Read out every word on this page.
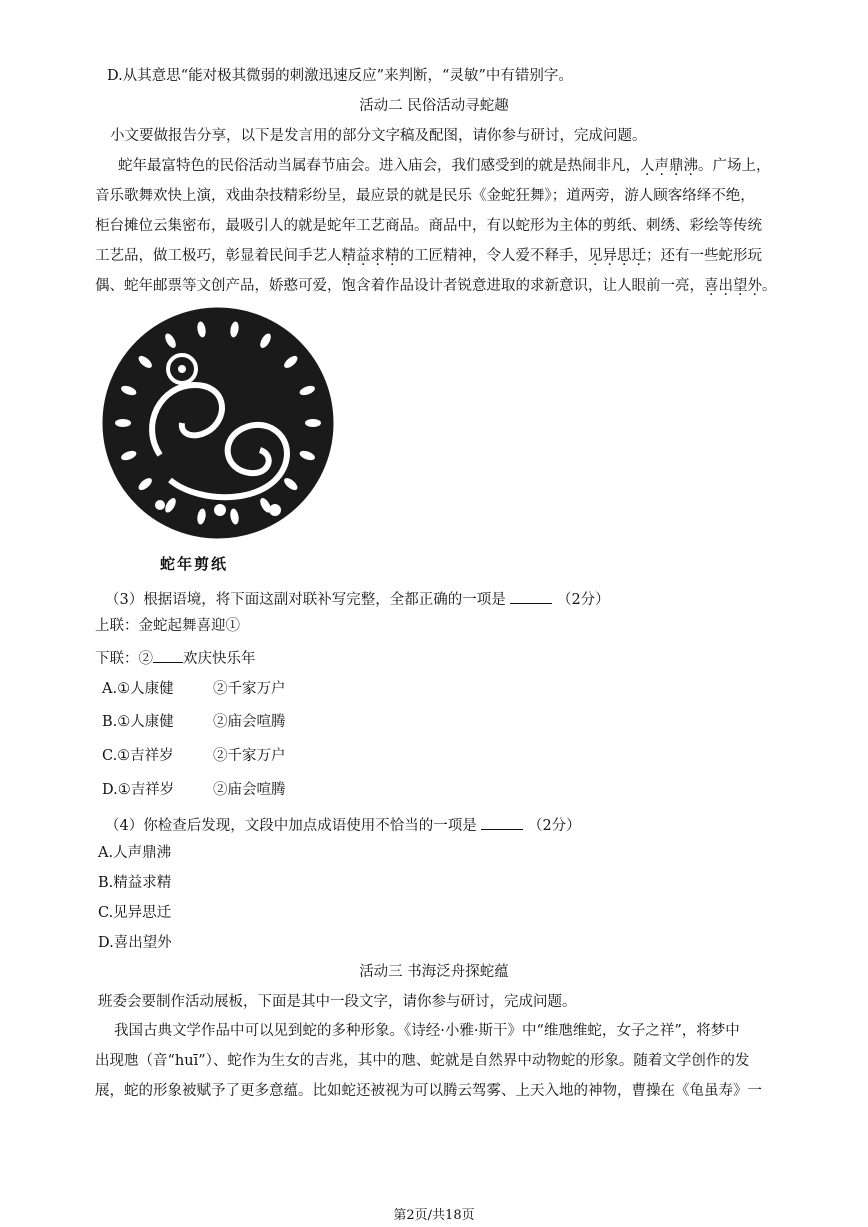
D.从其意思“能对极其微弱的刺激迅速反应”来判断，“灵敏”中有错别字。
活动二 民俗活动寻蛇趣
小文要做报告分享，以下是发言用的部分文字稿及配图，请你参与研讨，完成问题。
蛇年最富特色的民俗活动当属春节庙会。进入庙会，我们感受到的就是热闹非凡，人声鼎沸。广场上，
音乐歌舞欢快上演，戏曲杂技精彩纷呈，最应景的就是民乐《金蛇狂舞》；道两旁，游人顾客络绎不绝，
柜台摊位云集密布，最吸引人的就是蛇年工艺商品。商品中，有以蛇形为主体的剪纸、刺绣、彩绘等传统
工艺品，做工极巧，彰显着民间手艺人精益求精的工匠精神，令人爱不释手，见异思迁；还有一些蛇形玩
偶、蛇年邮票等文创产品，娇憨可爱，饱含着作品设计者锐意进取的求新意识，让人眼前一亮，喜出望外。
蛇年剪纸
（3）根据语境，将下面这副对联补写完整，全都正确的一项是	（2分）
上联：金蛇起舞喜迎①
下联：② 欢庆快乐年
A.①人康健	②千家万户
B.①人康健	②庙会喧腾
C.①吉祥岁	②千家万户
D.①吉祥岁	②庙会喧腾
（4）你检查后发现，文段中加点成语使用不恰当的一项是	（2分）
A.人声鼎沸
B.精益求精
C.见异思迁
D.喜出望外
活动三 书海泛舟探蛇蕴
班委会要制作活动展板，下面是其中一段文字，请你参与研讨，完成问题。
我国古典文学作品中可以见到蛇的多种形象。《诗经·小雅·斯干》中“维虺维蛇，女子之祥”，将梦中
出现虺（音“huī”）、蛇作为生女的吉兆，其中的虺、蛇就是自然界中动物蛇的形象。随着文学创作的发
展，蛇的形象被赋予了更多意蕴。比如蛇还被视为可以腾云驾雾、上天入地的神物，曹操在《龟虽寿》一
第2页/共18页
